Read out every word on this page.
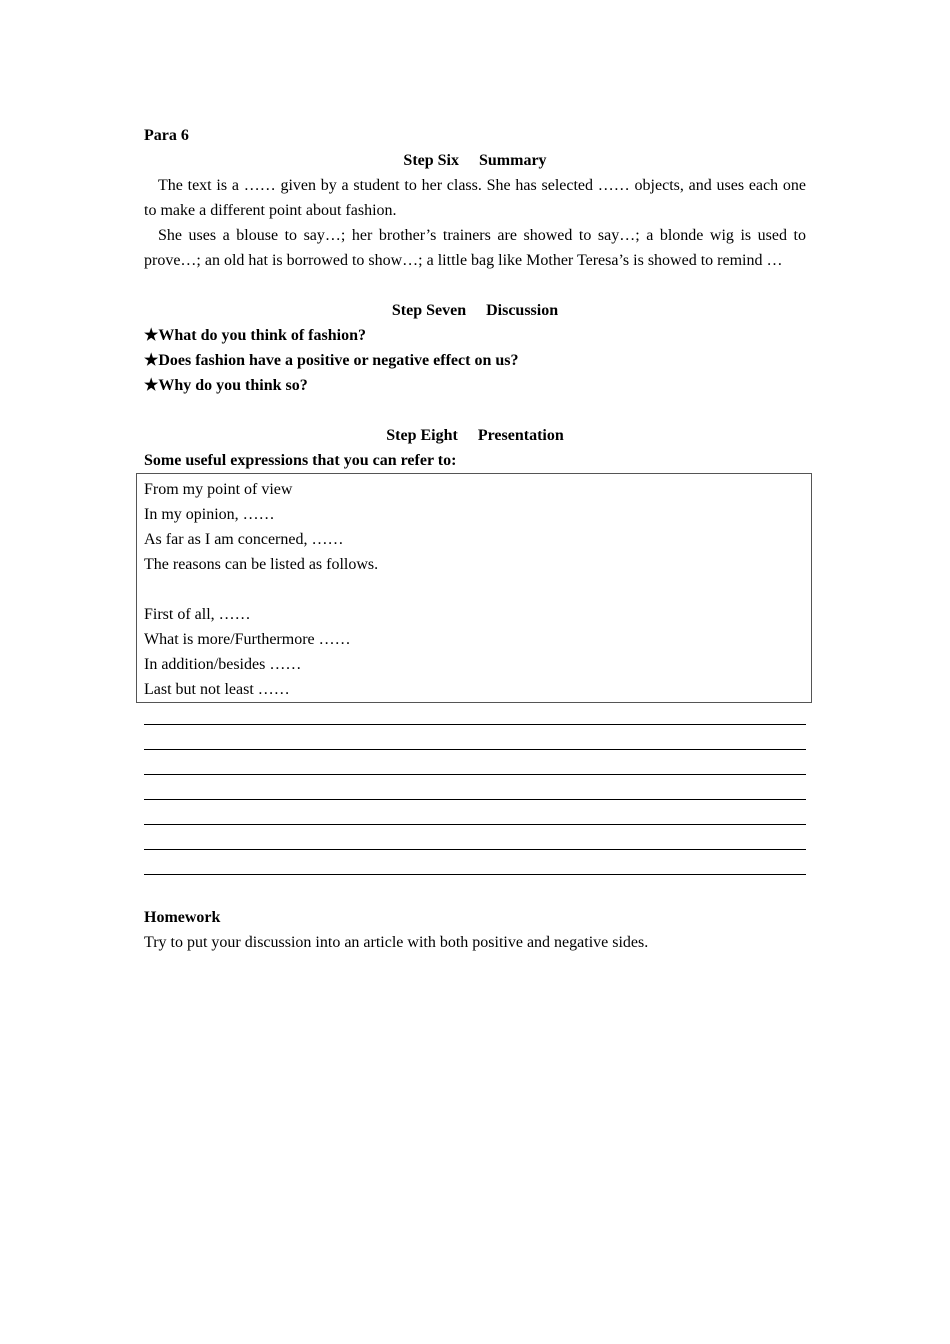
Para 6
Step Six Summary

The text is a …… given by a student to her class. She has selected …… objects, and uses each one to make a different point about fashion.

She uses a blouse to say…; her brother’s trainers are showed to say…; a blonde wig is used to prove…; an old hat is borrowed to show…; a little bag like Mother Teresa’s is showed to remind …

Step Seven Discussion
★What do you think of fashion?
★Does fashion have a positive or negative effect on us?
★Why do you think so?
Step Eight Presentation
Some useful expressions that you can refer to:
From my point of view
In my opinion, ……
As far as I am concerned, ……
The reasons can be listed as follows.
First of all, ……
What is more/Furthermore ……
In addition/besides ……
Last but not least ……
Homework
Try to put your discussion into an article with both positive and negative sides.
